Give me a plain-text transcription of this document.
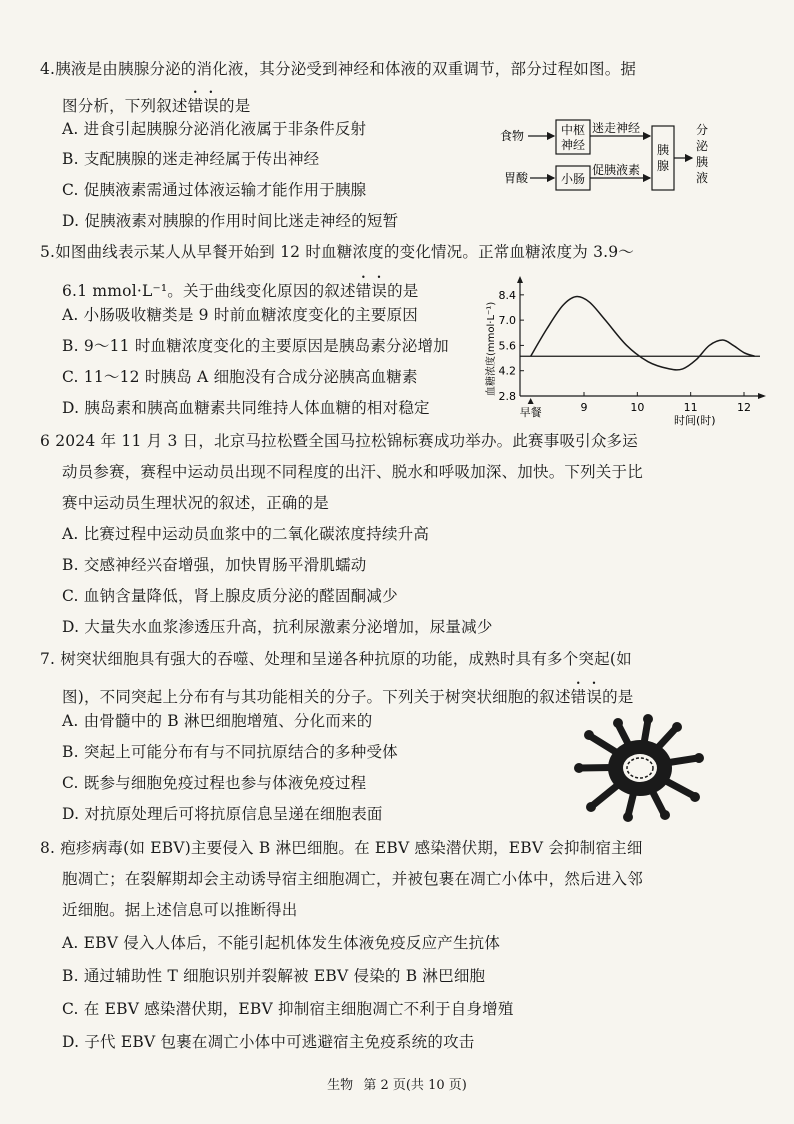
4.胰液是由胰腺分泌的消化液，其分泌受到神经和体液的双重调节，部分过程如图。据
图分析，下列叙述错误的是
A. 进食引起胰腺分泌消化液属于非条件反射
B. 支配胰腺的迷走神经属于传出神经
C. 促胰液素需通过体液运输才能作用于胰腺
D. 促胰液素对胰腺的作用时间比迷走神经的短暂
食物	中枢
神经
迷走神经
胃酸	小肠
促胰液素
胰
腺
分
泌
胰
液
5.如图曲线表示某人从早餐开始到 12 时血糖浓度的变化情况。正常血糖浓度为 3.9～
6.1 mmol·L⁻¹。关于曲线变化原因的叙述错误的是
A. 小肠吸收糖类是 9 时前血糖浓度变化的主要原因
B. 9～11 时血糖浓度变化的主要原因是胰岛素分泌增加
C. 11～12 时胰岛 A 细胞没有合成分泌胰高血糖素
D. 胰岛素和胰高血糖素共同维持人体血糖的相对稳定
血糖浓度(mmol·L⁻¹)
时间(时)
8.4
7.0
5.6
4.2
2.8
早餐	9	10	11	12
6 2024 年 11 月 3 日，北京马拉松暨全国马拉松锦标赛成功举办。此赛事吸引众多运
动员参赛，赛程中运动员出现不同程度的出汗、脱水和呼吸加深、加快。下列关于比
赛中运动员生理状况的叙述，正确的是
A. 比赛过程中运动员血浆中的二氧化碳浓度持续升高
B. 交感神经兴奋增强，加快胃肠平滑肌蠕动
C. 血钠含量降低，肾上腺皮质分泌的醛固酮减少
D. 大量失水血浆渗透压升高，抗利尿激素分泌增加，尿量减少
7. 树突状细胞具有强大的吞噬、处理和呈递各种抗原的功能，成熟时具有多个突起(如
图)，不同突起上分布有与其功能相关的分子。下列关于树突状细胞的叙述错误的是
A. 由骨髓中的 B 淋巴细胞增殖、分化而来的
B. 突起上可能分布有与不同抗原结合的多种受体
C. 既参与细胞免疫过程也参与体液免疫过程
D. 对抗原处理后可将抗原信息呈递在细胞表面
8. 疱疹病毒(如 EBV)主要侵入 B 淋巴细胞。在 EBV 感染潜伏期，EBV 会抑制宿主细
胞凋亡；在裂解期却会主动诱导宿主细胞凋亡，并被包裹在凋亡小体中，然后进入邻
近细胞。据上述信息可以推断得出
A. EBV 侵入人体后，不能引起机体发生体液免疫反应产生抗体
B. 通过辅助性 T 细胞识别并裂解被 EBV 侵染的 B 淋巴细胞
C. 在 EBV 感染潜伏期，EBV 抑制宿主细胞凋亡不利于自身增殖
D. 子代 EBV 包裹在凋亡小体中可逃避宿主免疫系统的攻击
生物 第 2 页(共 10 页)
